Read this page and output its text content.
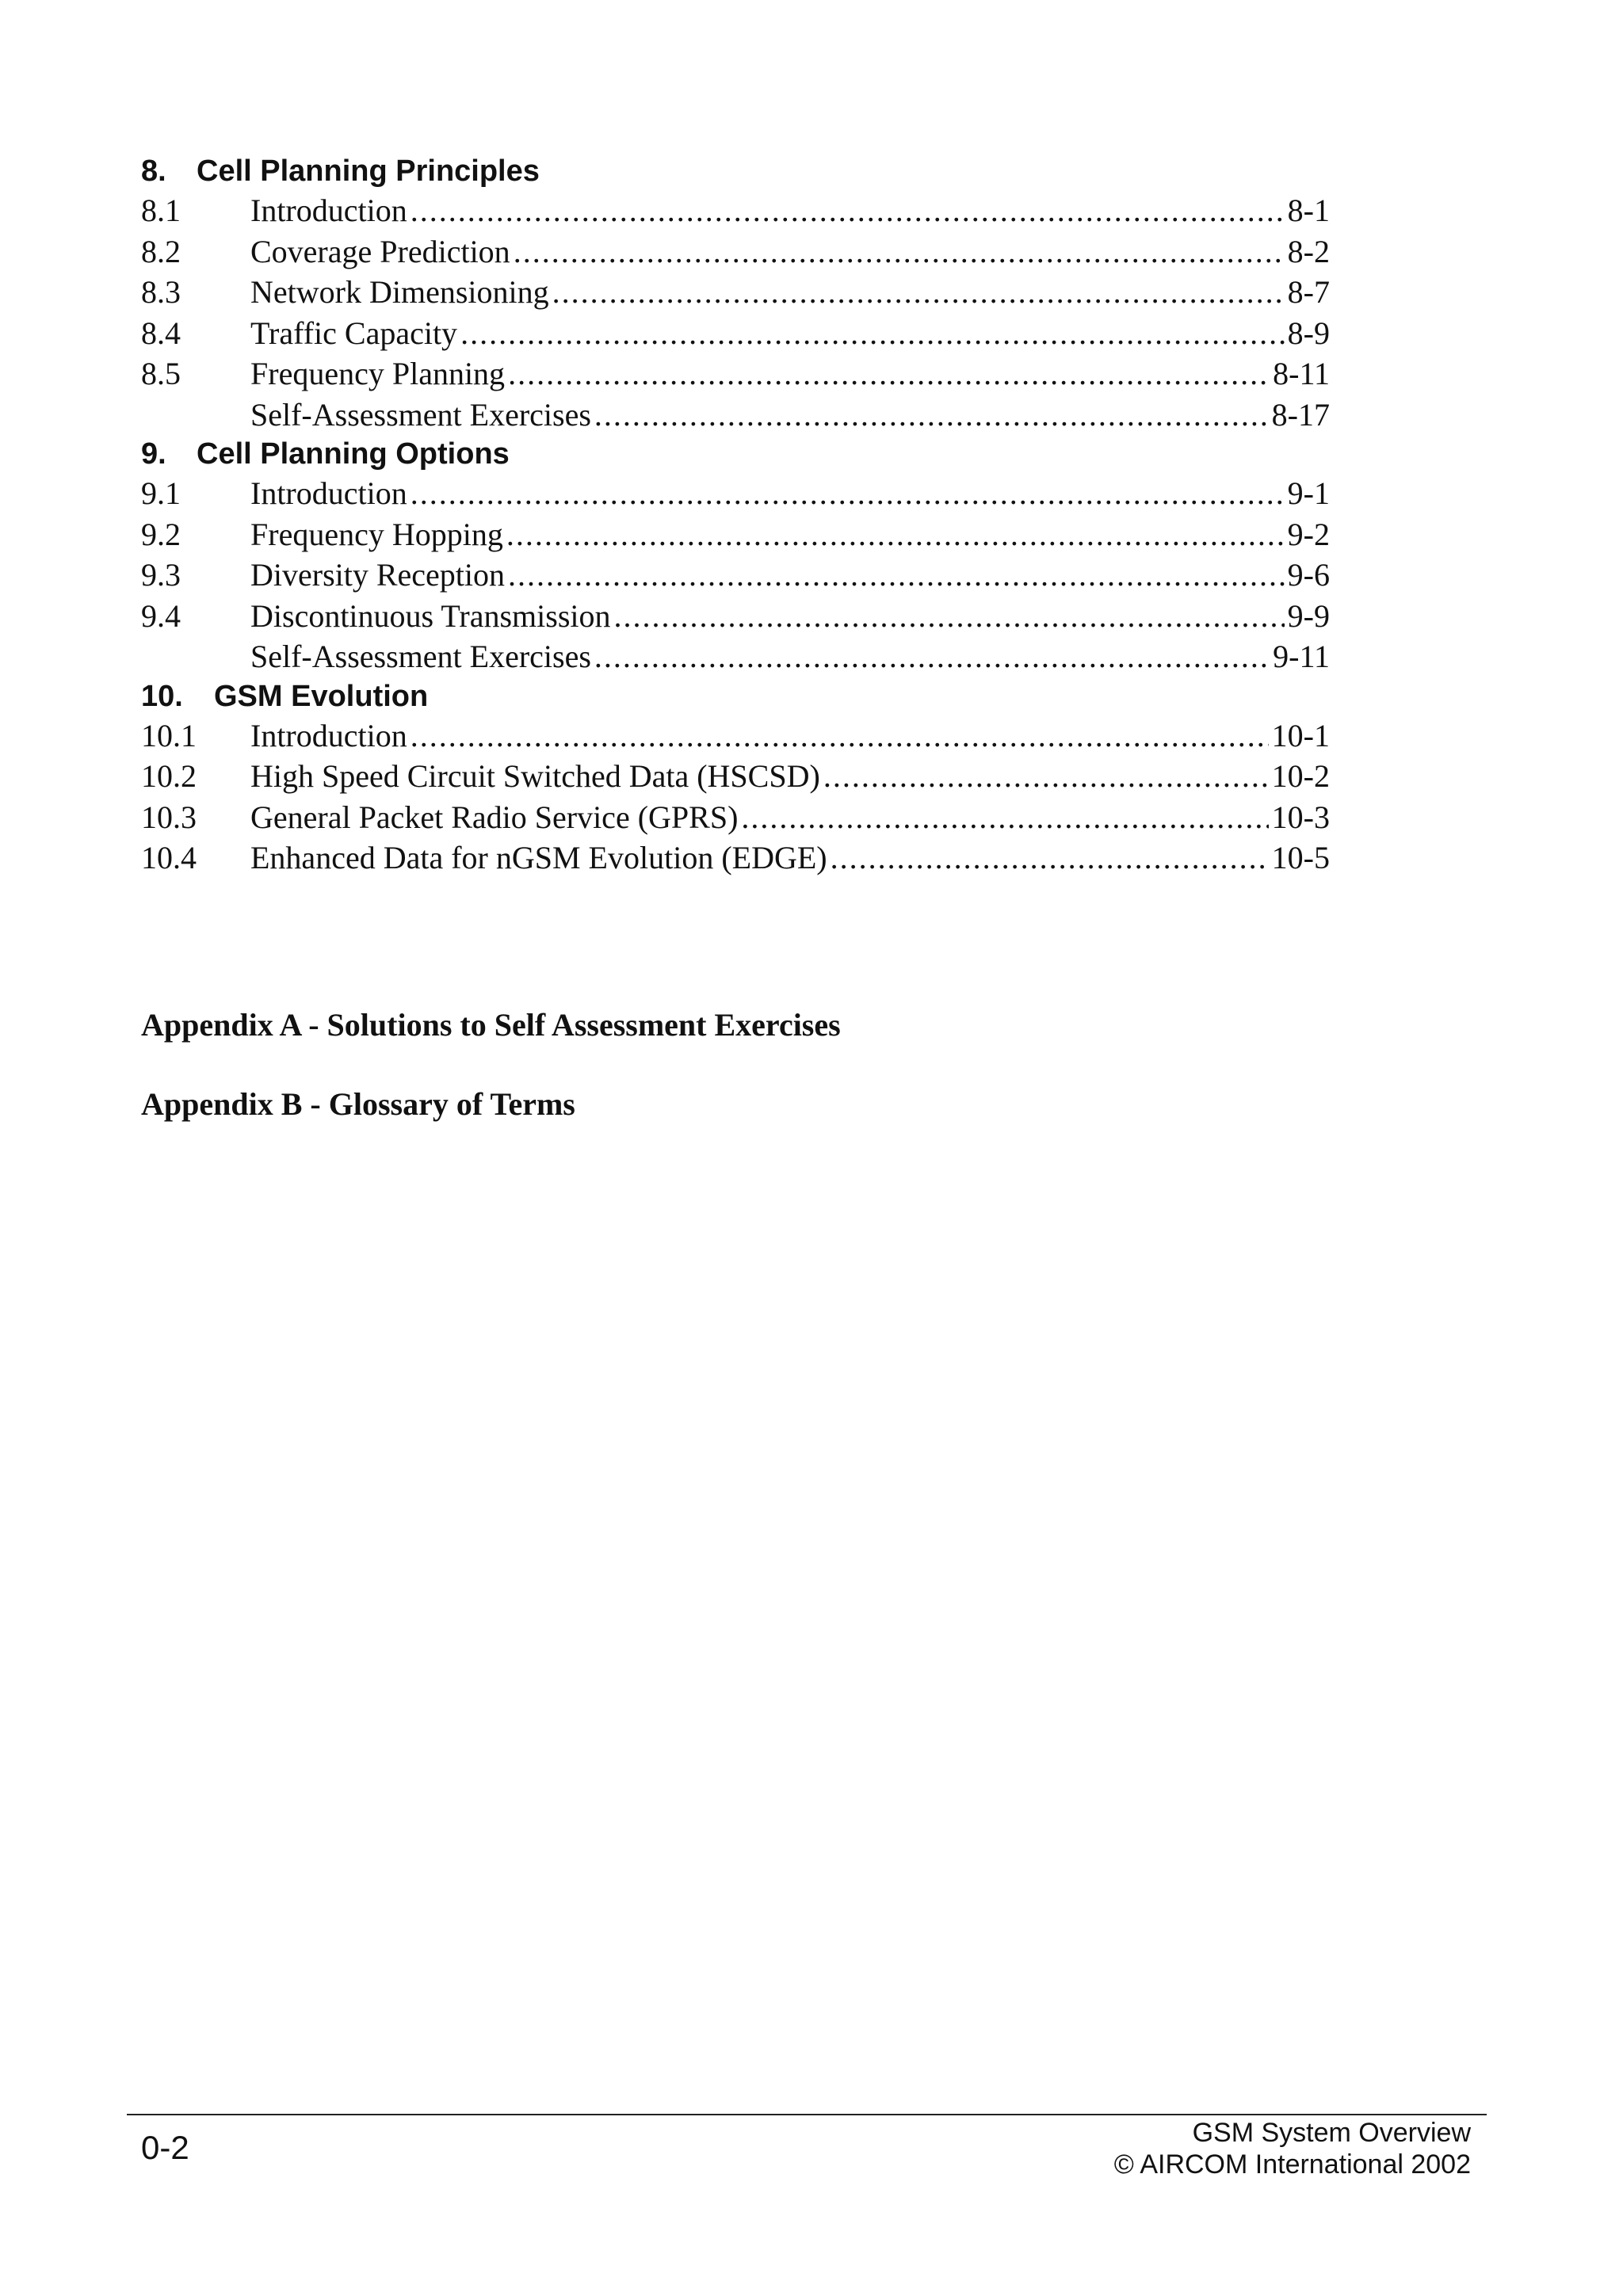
8. Cell Planning Principles
8.1	Introduction .....	8-1
8.2	Coverage Prediction .....	8-2
8.3	Network Dimensioning .....	8-7
8.4	Traffic Capacity .....	8-9
8.5	Frequency Planning .....	8-11
Self-Assessment Exercises .....	8-17
9. Cell Planning Options
9.1	Introduction .....	9-1
9.2	Frequency Hopping .....	9-2
9.3	Diversity Reception .....	9-6
9.4	Discontinuous Transmission .....	9-9
Self-Assessment Exercises .....	9-11
10. GSM Evolution
10.1	Introduction .....	10-1
10.2	High Speed Circuit Switched Data (HSCSD) .....	10-2
10.3	General Packet Radio Service (GPRS) .....	10-3
10.4	Enhanced Data for nGSM Evolution (EDGE) .....	10-5
Appendix A - Solutions to Self Assessment Exercises
Appendix B - Glossary of Terms
0-2	GSM System Overview
© AIRCOM International 2002
